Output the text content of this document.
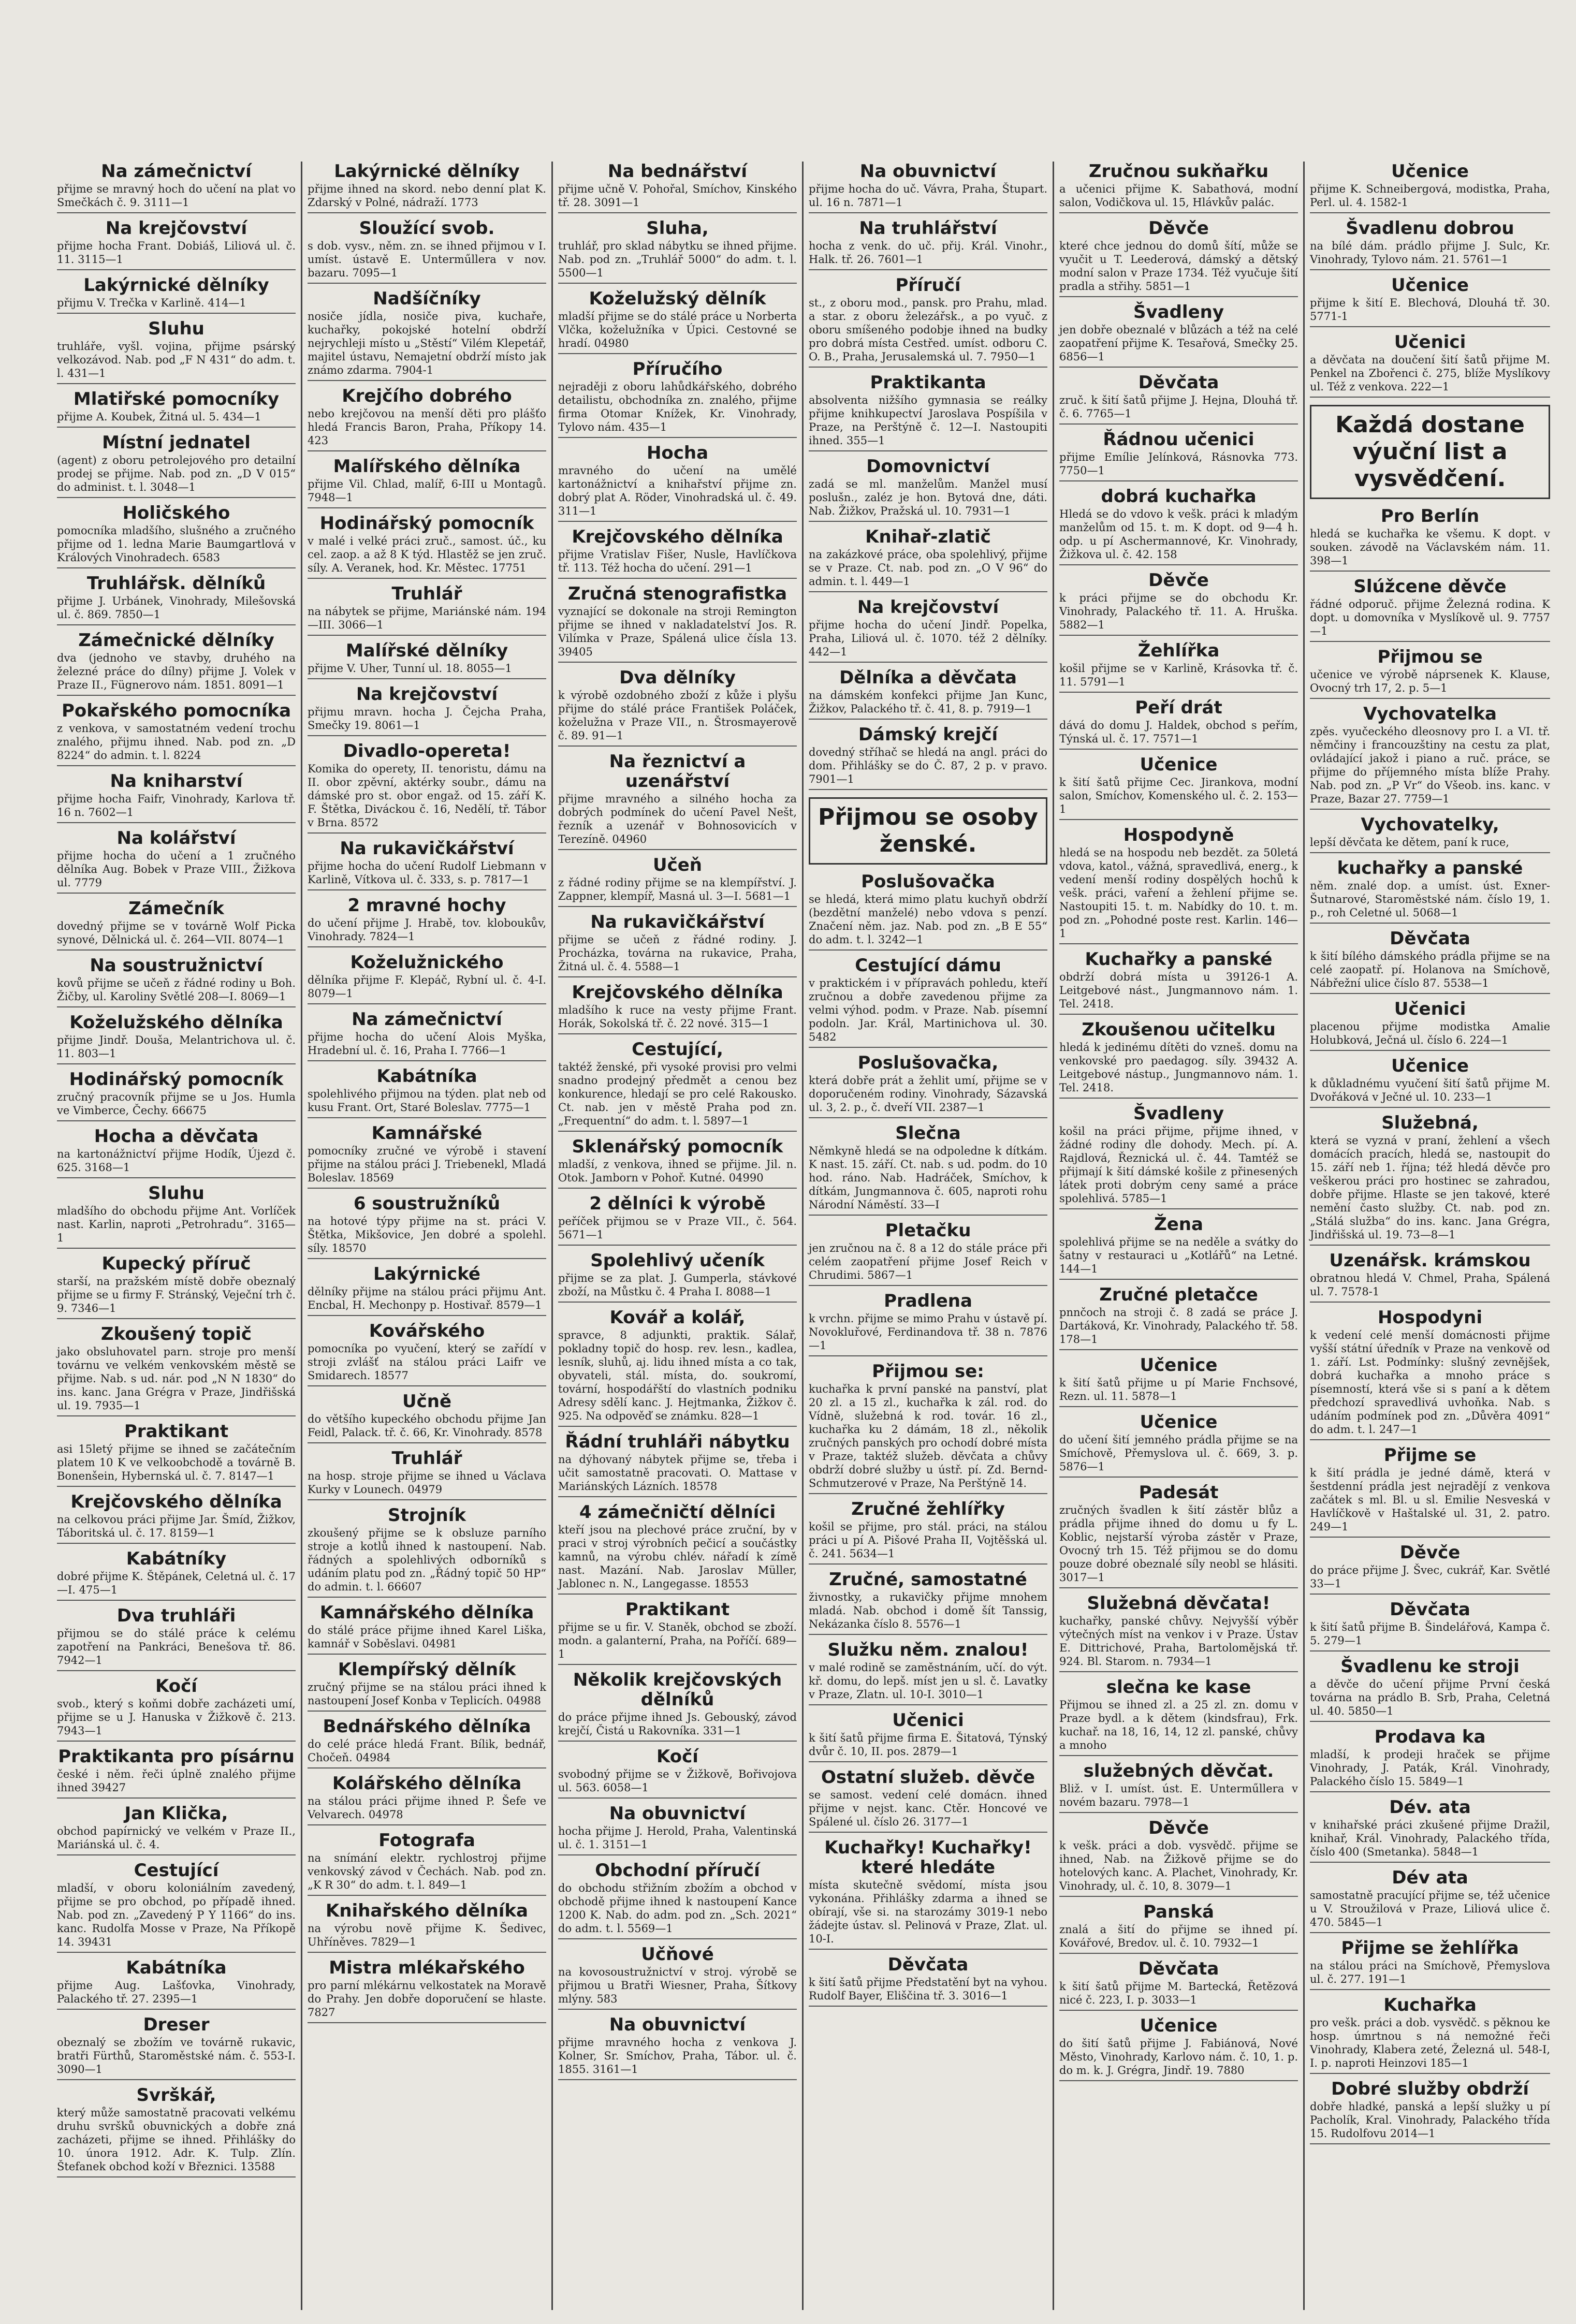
Na zámečnictví

přijme se mravný hoch do učení na plat vo Smečkách č. 9. 3111—1

Na krejčovství

přijme hocha Frant. Dobiáš, Liliová ul. č. 11. 3115—1

Lakýrnické dělníky

přijmu V. Trečka v Karlině. 414—1

Sluhu

truhláře, vyšl. vojina, přijme psárský velkozávod. Nab. pod „F N 431“ do adm. t. l. 431—1

Mlatiřské pomocníky

přijme A. Koubek, Žitná ul. 5. 434—1

Místní jednatel

(agent) z oboru petrolejového pro detailní prodej se přijme. Nab. pod zn. „D V 015“ do administ. t. l. 3048—1

Holičského

pomocníka mladšího, slušného a zručného přijme od 1. ledna Marie Baumgartlová v Králových Vinohradech. 6583

Truhlářsk. dělníků

přijme J. Urbánek, Vinohrady, Milešovská ul. č. 869. 7850—1

Zámečnické dělníky

dva (jednoho ve stavby, druhého na železné práce do dílny) přijme J. Volek v Praze II., Fügnerovo nám. 1851. 8091—1

Pokařského pomocníka

z venkova, v samostatném vedení trochu znalého, přijmu ihned. Nab. pod zn. „D 8224“ do admin. t. l. 8224

Na kniharství

přijme hocha Faifr, Vinohrady, Karlova tř. 16 n. 7602—1

Na kolářství

přijme hocha do učení a 1 zručného dělníka Aug. Bobek v Praze VIII., Žižkova ul. 7779

Zámečník

dovedný přijme se v továrně Wolf Picka synové, Dělnická ul. č. 264—VII. 8074—1

Na soustružnictví

kovů přijme se učeň z řádné rodiny u Boh. Žičby, ul. Karoliny Světlé 208—I. 8069—1

Koželužského dělníka

přijme Jindř. Douša, Melantrichova ul. č. 11. 803—1

Hodinářský pomocník

zručný pracovník přijme se u Jos. Humla ve Vimberce, Čechy. 66675

Hocha a děvčata

na kartonážnictví přijme Hodík, Újezd č. 625. 3168—1

Sluhu

mladšího do obchodu přijme Ant. Vorlíček nast. Karlin, naproti „Petrohradu“. 3165—1

Kupecký příruč

starší, na pražském místě dobře obeznalý přijme se u firmy F. Stránský, Veječní trh č. 9. 7346—1

Zkoušený topič

jako obsluhovatel parn. stroje pro menší továrnu ve velkém venkovském městě se přijme. Nab. s ud. nár. pod „N N 1830“ do ins. kanc. Jana Grégra v Praze, Jindřišská ul. 19. 7935—1

Praktikant

asi 15letý přijme se ihned se začátečním platem 10 K ve velkoobchodě a továrně B. Bonenšein, Hybernská ul. č. 7. 8147—1

Krejčovského dělníka

na celkovou práci přijme Jar. Šmíd, Žižkov, Táboritská ul. č. 17. 8159—1

Kabátníky

dobré přijme K. Štěpánek, Celetná ul. č. 17—I. 475—1

Dva truhláři

přijmou se do stálé práce k celému zapotření na Pankráci, Benešova tř. 86. 7942—1

Kočí

svob., který s koňmi dobře zacházeti umí, přijme se u J. Hanuska v Žižkově č. 213. 7943—1

Praktikanta pro písárnu

české i něm. řeči úplně znalého přijme ihned 39427

Jan Klička,

obchod papírnický ve velkém v Praze II., Mariánská ul. č. 4.

Cestující

mladší, v oboru koloniálním zavedený, přijme se pro obchod, po případě ihned. Nab. pod zn. „Zavedený P Y 1166“ do ins. kanc. Rudolfa Mosse v Praze, Na Příkopě 14. 39431

Kabátníka

přijme Aug. Lašťovka, Vinohrady, Palackého tř. 27. 2395—1

Dreser

obeznalý se zbožím ve továrně rukavic, bratři Fürthů, Staroměstské nám. č. 553-I. 3090—1

Svrškář,

který může samostatně pracovati velkému druhu svršků obuvnických a dobře zná zacházeti, přijme se ihned. Přihlášky do 10. února 1912. Adr. K. Tulp. Zlín. Štefanek obchod koží v Březnici. 13588

Lakýrnické dělníky

přijme ihned na skord. nebo denní plat K. Zdarský v Polné, nádraží. 1773

Sloužící svob.

s dob. vysv., něm. zn. se ihned přijmou v I. umíst. ústavě E. Unterműllera v nov. bazaru. 7095—1

Nadšíčníky

nosiče jídla, nosiče piva, kuchaře, kuchařky, pokojské hotelní obdrží nejrychleji místo u „Stěstí“ Vilém Klepetář, majitel ústavu, Nemajetní obdrží místo jak známo zdarma. 7904-1

Krejčího dobrého

nebo krejčovou na menší děti pro plášťo hledá Francis Baron, Praha, Příkopy 14. 423

Malířského dělníka

přijme Vil. Chlad, malíř, 6-III u Montagů. 7948—1

Hodinářský pomocník

v malé i velké práci zruč., samost. úč., ku cel. zaop. a až 8 K týd. Hlastěž se jen zruč. síly. A. Veranek, hod. Kr. Městec. 17751

Truhlář

na nábytek se přijme, Mariánské nám. 194—III. 3066—1

Malířské dělníky

přijme V. Uher, Tunní ul. 18. 8055—1

Na krejčovství

přijmu mravn. hocha J. Čejcha Praha, Smečky 19. 8061—1

Divadlo-opereta!

Komika do operety, II. tenoristu, dámu na II. obor zpěvní, aktérky soubr., dámu na dámské pro st. obor engaž. od 15. září K. F. Štětka, Diváckou č. 16, Nedělí, tř. Tábor v Brna. 8572

Na rukavičkářství

přijme hocha do učení Rudolf Liebmann v Karlině, Vítkova ul. č. 333, s. p. 7817—1

2 mravné hochy

do učení přijme J. Hrabě, tov. kloboukův, Vinohrady. 7824—1

Koželužnického

dělníka přijme F. Klepáč, Rybní ul. č. 4-I. 8079—1

Na zámečnictví

přijme hocha do učení Alois Myška, Hradební ul. č. 16, Praha I. 7766—1

Kabátníka

spolehlivého přijmou na týden. plat neb od kusu Frant. Ort, Staré Boleslav. 7775—1

Kamnářské

pomocníky zručné ve výrobě i stavení přijme na stálou práci J. Triebenekl, Mladá Boleslav. 18569

6 soustružníků

na hotové týpy přijme na st. práci V. Štětka, Mikšovice, Jen dobré a spolehl. síly. 18570

Lakýrnické

dělníky přijme na stálou práci přijmu Ant. Encbal, H. Mechonpy p. Hostivař. 8579—1

Kovářského

pomocníka po vyučení, který se zařídí v stroji zvlášť na stálou práci Laifr ve Smidarech. 18577

Učně

do většího kupeckého obchodu přijme Jan Feidl, Palack. tř. č. 66, Kr. Vinohrady. 8578

Truhlář

na hosp. stroje přijme se ihned u Václava Kurky v Lounech. 04979

Strojník

zkoušený přijme se k obsluze parního stroje a kotlů ihned k nastoupení. Nab. řádných a spolehlivých odborníků s udáním platu pod zn. „Řádný topič 50 HP“ do admin. t. l. 66607

Kamnářského dělníka

do stálé práce přijme ihned Karel Liška, kamnář v Soběslavi. 04981

Klempířský dělník

zručný přijme se na stálou práci ihned k nastoupení Josef Konba v Teplicích. 04988

Bednářského dělníka

do celé práce hledá Frant. Bílik, bednář, Chočeň. 04984

Kolářského dělníka

na stálou práci přijme ihned P. Šefe ve Velvarech. 04978

Fotografa

na snímání elektr. rychlostroj přijme venkovský závod v Čechách. Nab. pod zn. „K R 30“ do adm. t. l. 849—1

Knihařského dělníka

na výrobu nově přijme K. Šedivec, Uhříněves. 7829—1

Mistra mlékařského

pro parní mlékárnu velkostatek na Moravě do Prahy. Jen dobře doporučení se hlaste. 7827

Na bednářství

přijme učně V. Pohořal, Smíchov, Kinského tř. 28. 3091—1

Sluha,

truhlář, pro sklad nábytku se ihned přijme. Nab. pod zn. „Truhlář 5000“ do adm. t. l. 5500—1

Koželužský dělník

mladší přijme se do stálé práce u Norberta Vlčka, koželužníka v Úpici. Cestovné se hradí. 04980

Příručího

nejraději z oboru lahůdkářského, dobrého detailistu, obchodníka zn. znalého, přijme firma Otomar Knížek, Kr. Vinohrady, Tylovo nám. 435—1

Hocha

mravného do učení na umělé kartonážnictví a knihařství přijme zn. dobrý plat A. Röder, Vinohradská ul. č. 49. 311—1

Krejčovského dělníka

přijme Vratislav Fišer, Nusle, Havlíčkova tř. 113. Též hocha do učení. 291—1

Zručná stenografistka

vyznající se dokonale na stroji Remington přijme se ihned v nakladatelství Jos. R. Vilímka v Praze, Spálená ulice čísla 13. 39405

Dva dělníky

k výrobě ozdobného zboží z kůže i plyšu přijme do stálé práce František Poláček, koželužna v Praze VII., n. Štrosmayerově č. 89. 91—1

Na řeznictví a uzenářství

přijme mravného a silného hocha za dobrých podmínek do učení Pavel Nešt, řezník a uzenář v Bohnosovicích v Terezíně. 04960

Učeň

z řádné rodiny přijme se na klempířství. J. Zappner, klempíř, Masná ul. 3—I. 5681—1

Na rukavičkářství

přijme se učeň z řádné rodiny. J. Procházka, továrna na rukavice, Praha, Žitná ul. č. 4. 5588—1

Krejčovského dělníka

mladšího k ruce na vesty přijme Frant. Horák, Sokolská tř. č. 22 nové. 315—1

Cestující,

taktéž ženské, při vysoké provisi pro velmi snadno prodejný předmět a cenou bez konkurence, hledají se pro celé Rakousko. Ct. nab. jen v městě Praha pod zn. „Frequentní“ do adm. t. l. 5897—1

Sklenářský pomocník

mladší, z venkova, ihned se přijme. Jil. n. Otok. Jamborn v Pohoř. Kutné. 04990

2 dělníci k výrobě

peříček přijmou se v Praze VII., č. 564. 5671—1

Spolehlivý učeník

přijme se za plat. J. Gumperla, stávkové zboží, na Můstku č. 4 Praha I. 8088—1

Kovář a kolář,

spravce, 8 adjunkti, praktik. Sálař, pokladny topič do hosp. rev. lesn., kadlea, lesník, sluhů, aj. lidu ihned místa a co tak, obyvateli, stál. místa, do. soukromí, tovární, hospodářští do vlastních podniku Adresy sdělí kanc. J. Hejtmanka, Žižkov č. 925. Na odpověď se známku. 828—1

Řádní truhláři nábytku

na dýhovaný nábytek přijme se, třeba i učit samostatně pracovati. O. Mattase v Mariánských Lázních. 18578

4 zámečničtí dělníci

kteří jsou na plechové práce zruční, by v praci v stroj výrobních pečicí a součástky kamnů, na výrobu chlév. nářadí k zímě nast. Mazání. Nab. Jaroslav Müller, Jablonec n. N., Langegasse. 18553

Praktikant

přijme se u fir. V. Staněk, obchod se zboží. modn. a galanterní, Praha, na Poříčí. 689—1

Několik krejčovských dělníků

do práce přijme ihned Js. Gebouský, závod krejčí, Čistá u Rakovníka. 331—1

Kočí

svobodný přijme se v Žižkově, Bořivojova ul. 563. 6058—1

Na obuvnictví

hocha přijme J. Herold, Praha, Valentinská ul. č. 1. 3151—1

Obchodní příručí

do obchodu střižním zbožím a obchod v obchodě přijme ihned k nastoupení Kance 1200 K. Nab. do adm. pod zn. „Sch. 2021“ do adm. t. l. 5569—1

Učňové

na kovosoustružnictví v stroj. výrobě se přijmou u Bratři Wiesner, Praha, Šítkovy mlýny. 583

Na obuvnictví

přijme mravného hocha z venkova J. Kolner, Sr. Smíchov, Praha, Tábor. ul. č. 1855. 3161—1

Na obuvnictví

přijme hocha do uč. Vávra, Praha, Štupart. ul. 16 n. 7871—1

Na truhlářství

hocha z venk. do uč. přij. Král. Vinohr., Halk. tř. 26. 7601—1

Příručí

st., z oboru mod., pansk. pro Prahu, mlad. a star. z oboru železářsk., a po vyuč. z oboru smíšeného podobje ihned na budky pro dobrá místa Cestřed. umíst. odboru C. O. B., Praha, Jerusalemská ul. 7. 7950—1

Praktikanta

absolventa nižšího gymnasia se reálky přijme knihkupectví Jaroslava Pospíšila v Praze, na Perštýně č. 12—I. Nastoupiti ihned. 355—1

Domovnictví

zadá se ml. manželům. Manžel musí poslušn., zaléz je hon. Bytová dne, dáti. Nab. Žižkov, Pražská ul. 10. 7931—1

Knihař-zlatič

na zakázkové práce, oba spolehlivý, přijme se v Praze. Ct. nab. pod zn. „O V 96“ do admin. t. l. 449—1

Na krejčovství

přijme hocha do učení Jindř. Popelka, Praha, Liliová ul. č. 1070. též 2 dělníky. 442—1

Dělníka a děvčata

na dámském konfekci přijme Jan Kunc, Žižkov, Palackého tř. č. 41, 8. p. 7919—1

Dámský krejčí

dovedný stříhač se hledá na angl. práci do dom. Přihlášky se do Č. 87, 2 p. v pravo. 7901—1

Přijmou se osoby ženské.
Poslušovačka

se hledá, která mimo platu kuchyň obdrží (bezdětní manželé) nebo vdova s penzí. Značení něm. jaz. Nab. pod zn. „B E 55“ do adm. t. l. 3242—1

Cestující dámu

v praktickém i v přípravách pohledu, kteří zručnou a dobře zavedenou přijme za velmi výhod. podm. v Praze. Nab. písemní podoln. Jar. Král, Martinichova ul. 30. 5482

Poslušovačka,

která dobře prát a žehlit umí, přijme se v doporučeném rodiny. Vinohrady, Sázavská ul. 3, 2. p., č. dveří VII. 2387—1

Slečna

Němkyně hledá se na odpoledne k dítkám. K nast. 15. září. Ct. nab. s ud. podm. do 10 hod. ráno. Nab. Hadráček, Smíchov, k dítkám, Jungmannova č. 605, naproti rohu Národní Náměstí. 33—I

Pletačku

jen zručnou na č. 8 a 12 do stále práce při celém zaopatření přijme Josef Reich v Chrudimi. 5867—1

Pradlena

k vrchn. přijme se mimo Prahu v ústavě pí. Novokluřové, Ferdinandova tř. 38 n. 7876—1

Přijmou se:

kuchařka k první panské na panství, plat 20 zl. a 15 zl., kuchařka k zál. rod. do Vídně, služebná k rod. továr. 16 zl., kuchařka ku 2 dámám, 18 zl., několik zručných panských pro ochodí dobré místa v Praze, taktéž služeb. děvčata a chůvy obdrží dobré služby u ústř. pí. Zd. Bernd-Schmutzerové v Praze, Na Perštýně 14.

Zručné žehlířky

košil se přijme, pro stál. práci, na stálou práci u pí A. Pišové Praha II, Vojtěšská ul. č. 241. 5634—1

Zručné, samostatné

živnostky, a rukavičky přijme mnohem mladá. Nab. obchod i domě šít Tanssig, Nekázanka číslo 8. 5576—1

Služku něm. znalou!

v malé rodině se zaměstnáním, učí. do výt. kř. domu, do lepš. míst jen u sl. č. Lavatky v Praze, Zlatn. ul. 10-I. 3010—1

Učenici

k šití šatů přijme firma E. Šitatová, Týnský dvůr č. 10, II. pos. 2879—1

Ostatní služeb. děvče

se samost. vedení celé domácn. ihned přijme v nejst. kanc. Ctěr. Honcové ve Spálené ul. číslo 26. 3177—1

Kuchařky! Kuchařky! které hledáte

místa skutečně svědomí, místa jsou vykonána. Přihlášky zdarma a ihned se obírají, vše si. na starozámy 3019-1 nebo žádejte ústav. sl. Pelinová v Praze, Zlat. ul. 10-I.

Děvčata

k šití šatů přijme Předstatění byt na vyhou. Rudolf Bayer, Eliščina tř. 3. 3016—1

Zručnou sukňařku

a učenici přijme K. Sabathová, modní salon, Vodičkova ul. 15, Hlávkův palác.

Děvče

které chce jednou do domů šítí, může se vyučit u T. Leederová, dámský a dětský modní salon v Praze 1734. Též vyučuje šití pradla a střihy. 5851—1

Švadleny

jen dobře obeznalé v blůzách a též na celé zaopatření přijme K. Tesařová, Smečky 25. 6856—1

Děvčata

zruč. k šití šatů přijme J. Hejna, Dlouhá tř. č. 6. 7765—1

Řádnou učenici

přijme Emílie Jelínková, Rásnovka 773. 7750—1

dobrá kuchařka

Hledá se do vdovo k vešk. práci k mladým manželům od 15. t. m. K dopt. od 9—4 h. odp. u pí Aschermannové, Kr. Vinohrady, Žižkova ul. č. 42. 158

Děvče

k práci přijme se do obchodu Kr. Vinohrady, Palackého tř. 11. A. Hruška. 5882—1

Žehlířka

košil přijme se v Karlině, Krásovka tř. č. 11. 5791—1

Peří drát

dává do domu J. Haldek, obchod s peřím, Týnská ul. č. 17. 7571—1

Učenice

k šití šatů přijme Cec. Jirankova, modní salon, Smíchov, Komenského ul. č. 2. 153—1

Hospodyně

hledá se na hospodu neb bezdět. za 50letá vdova, katol., vážná, spravedlivá, energ., k vedení menší rodiny dospělých hochů k vešk. práci, vaření a žehlení přijme se. Nastoupiti 15. t. m. Nabídky do 10. t. m. pod zn. „Pohodné poste rest. Karlin. 146—1

Kuchařky a panské

obdrží dobrá místa u 39126-1 A. Leitgebové nást., Jungmannovo nám. 1. Tel. 2418.

Zkoušenou učitelku

hledá k jedinému dítěti do vzneš. domu na venkovské pro paedagog. síly. 39432 A. Leitgebové nástup., Jungmannovo nám. 1. Tel. 2418.

Švadleny

košil na práci přijme, přijme ihned, v žádné rodiny dle dohody. Mech. pí. A. Rajdlová, Řeznická ul. č. 44. Tamtéž se přijmají k šití dámské košile z přinesených látek proti dobrým ceny samé a práce spolehlivá. 5785—1

Žena

spolehlivá přijme se na neděle a svátky do šatny v restauraci u „Kotlářů“ na Letné. 144—1

Zručné pletačce

pnnčoch na stroji č. 8 zadá se práce J. Dartáková, Kr. Vinohrady, Palackého tř. 58. 178—1

Učenice

k šití šatů přijme u pí Marie Fnchsové, Rezn. ul. 11. 5878—1

Učenice

do učení šití jemného prádla přijme se na Smíchově, Přemyslova ul. č. 669, 3. p. 5876—1

Padesát

zručných švadlen k šití zástěr blůz a prádla přijme ihned do domu u fy L. Koblic, nejstarší výroba zástěr v Praze, Ovocný trh 15. Též přijmou se do domu pouze dobré obeznalé síly neobl se hlásiti. 3017—1

Služebná děvčata!

kuchařky, panské chůvy. Nejvyšší výběr výtečných míst na venkov i v Praze. Ústav E. Dittrichové, Praha, Bartolomějská tř. 924. Bl. Starom. n. 7934—1

slečna ke kase

Přijmou se ihned zl. a 25 zl. zn. domu v Praze bydl. a k dětem (kindsfrau), Frk. kuchař. na 18, 16, 14, 12 zl. panské, chůvy a mnoho

služebných děvčat.

Bliž. v I. umíst. úst. E. Unterműllera v novém bazaru. 7978—1

Děvče

k vešk. práci a dob. vysvědč. přijme se ihned, Nab. na Žižkově přijme se do hotelových kanc. A. Plachet, Vinohrady, Kr. Vinohrady, ul. č. 10, 8. 3079—1

Panská

znalá a šití do přijme se ihned pí. Kovářové, Bredov. ul. č. 10. 7932—1

Děvčata

k šití šatů přijme M. Bartecká, Řetězová nicé č. 223, I. p. 3033—1

Učenice

do šití šatů přijme J. Fabiánová, Nové Město, Vinohrady, Karlovo nám. č. 10, 1. p. do m. k. J. Grégra, Jindř. 19. 7880

Učenice

přijme K. Schneibergová, modistka, Praha, Perl. ul. 4. 1582-1

Švadlenu dobrou

na bílé dám. prádlo přijme J. Sulc, Kr. Vinohrady, Tylovo nám. 21. 5761—1

Učenice

přijme k šití E. Blechová, Dlouhá tř. 30. 5771-1

Učenici

a děvčata na doučení šití šatů přijme M. Penkel na Zbořenci č. 275, blíže Myslíkovy ul. Též z venkova. 222—1

Každá dostane výuční list a vysvědčení.
Pro Berlín

hledá se kuchařka ke všemu. K dopt. v souken. závodě na Václavském nám. 11. 398—1

Slúžcene děvče

řádné odporuč. přijme Železná rodina. K dopt. u domovníka v Myslíkově ul. 9. 7757—1

Přijmou se

učenice ve výrobě náprsenek K. Klause, Ovocný trh 17, 2. p. 5—1

Vychovatelka

zpěs. vyučeckého dleosnovy pro I. a VI. tř. němčiny i francouzštiny na cestu za plat, ovládající jakož i piano a ruč. práce, se přijme do příjemného místa blíže Prahy. Nab. pod zn. „P Vr“ do Všeob. ins. kanc. v Praze, Bazar 27. 7759—1

Vychovatelky,

lepší děvčata ke dětem, paní k ruce,

kuchařky a panské

něm. znalé dop. a umíst. úst. Exner-Šutnarové, Staroměstské nám. číslo 19, 1. p., roh Celetné ul. 5068—1

Děvčata

k šití bílého dámského prádla přijme se na celé zaopatř. pí. Holanova na Smíchově, Nábřežní ulice číslo 87. 5538—1

Učenici

placenou přijme modistka Amalie Holubková, Ječná ul. číslo 6. 224—1

Učenice

k důkladnému vyučení šití šatů přijme M. Dvořáková v Ječné ul. 10. 233—1

Služebná,

která se vyzná v praní, žehlení a všech domácích pracích, hledá se, nastoupit do 15. září neb 1. října; též hledá děvče pro veškerou práci pro hostinec se zahradou, dobře přijme. Hlaste se jen takové, které nemění často služby. Ct. nab. pod zn. „Stálá služba“ do ins. kanc. Jana Grégra, Jindřišská ul. 19. 73—8—1

Uzenářsk. krámskou

obratnou hledá V. Chmel, Praha, Spálená ul. 7. 7578-1

Hospodyni

k vedení celé menší domácnosti přijme vyšší státní úředník v Praze na venkově od 1. září. Lst. Podmínky: slušný zevnějšek, dobrá kuchařka a mnoho práce s písemností, která vše si s paní a k dětem předchozí spravedlivá uvhoňka. Nab. s udáním podmínek pod zn. „Důvěra 4091“ do adm. t. l. 247—1

Přijme se

k šití prádla je jedné dámě, která v šestdenní prádla jest nejradějí z venkova začátek s ml. Bl. u sl. Emilie Nesveská v Havlíčkově v Haštalské ul. 31, 2. patro. 249—1

Děvče

do práce přijme J. Švec, cukrář, Kar. Světlé 33—1

Děvčata

k šití šatů přijme B. Šindelářová, Kampa č. 5. 279—1

Švadlenu ke stroji

a děvče do učení přijme První česká továrna na prádlo B. Srb, Praha, Celetná ul. 40. 5850—1

Prodava ka

mladší, k prodeji hraček se přijme Vinohrady, J. Paták, Král. Vinohrady, Palackého číslo 15. 5849—1

Dév. ata

v knihařské práci zkušené přijme Dražil, knihař, Král. Vinohrady, Palackého třída, číslo 400 (Smetanka). 5848—1

Dév ata

samostatně pracující přijme se, též učenice u V. Stroužilová v Praze, Liliová ulice č. 470. 5845—1

Přijme se žehlířka

na stálou práci na Smíchově, Přemyslova ul. č. 277. 191—1

Kuchařka

pro vešk. práci a dob. vysvědč. s pěknou ke hosp. úmrtnou s ná nemožné řeči Vinohrady, Klabera zeté, Železná ul. 548-I, I. p. naproti Heinzovi 185—1

Dobré služby obdrží

dobře hladké, panská a lepší služky u pí Pacholík, Kral. Vinohrady, Palackého třída 15. Rudolfovu 2014—1
